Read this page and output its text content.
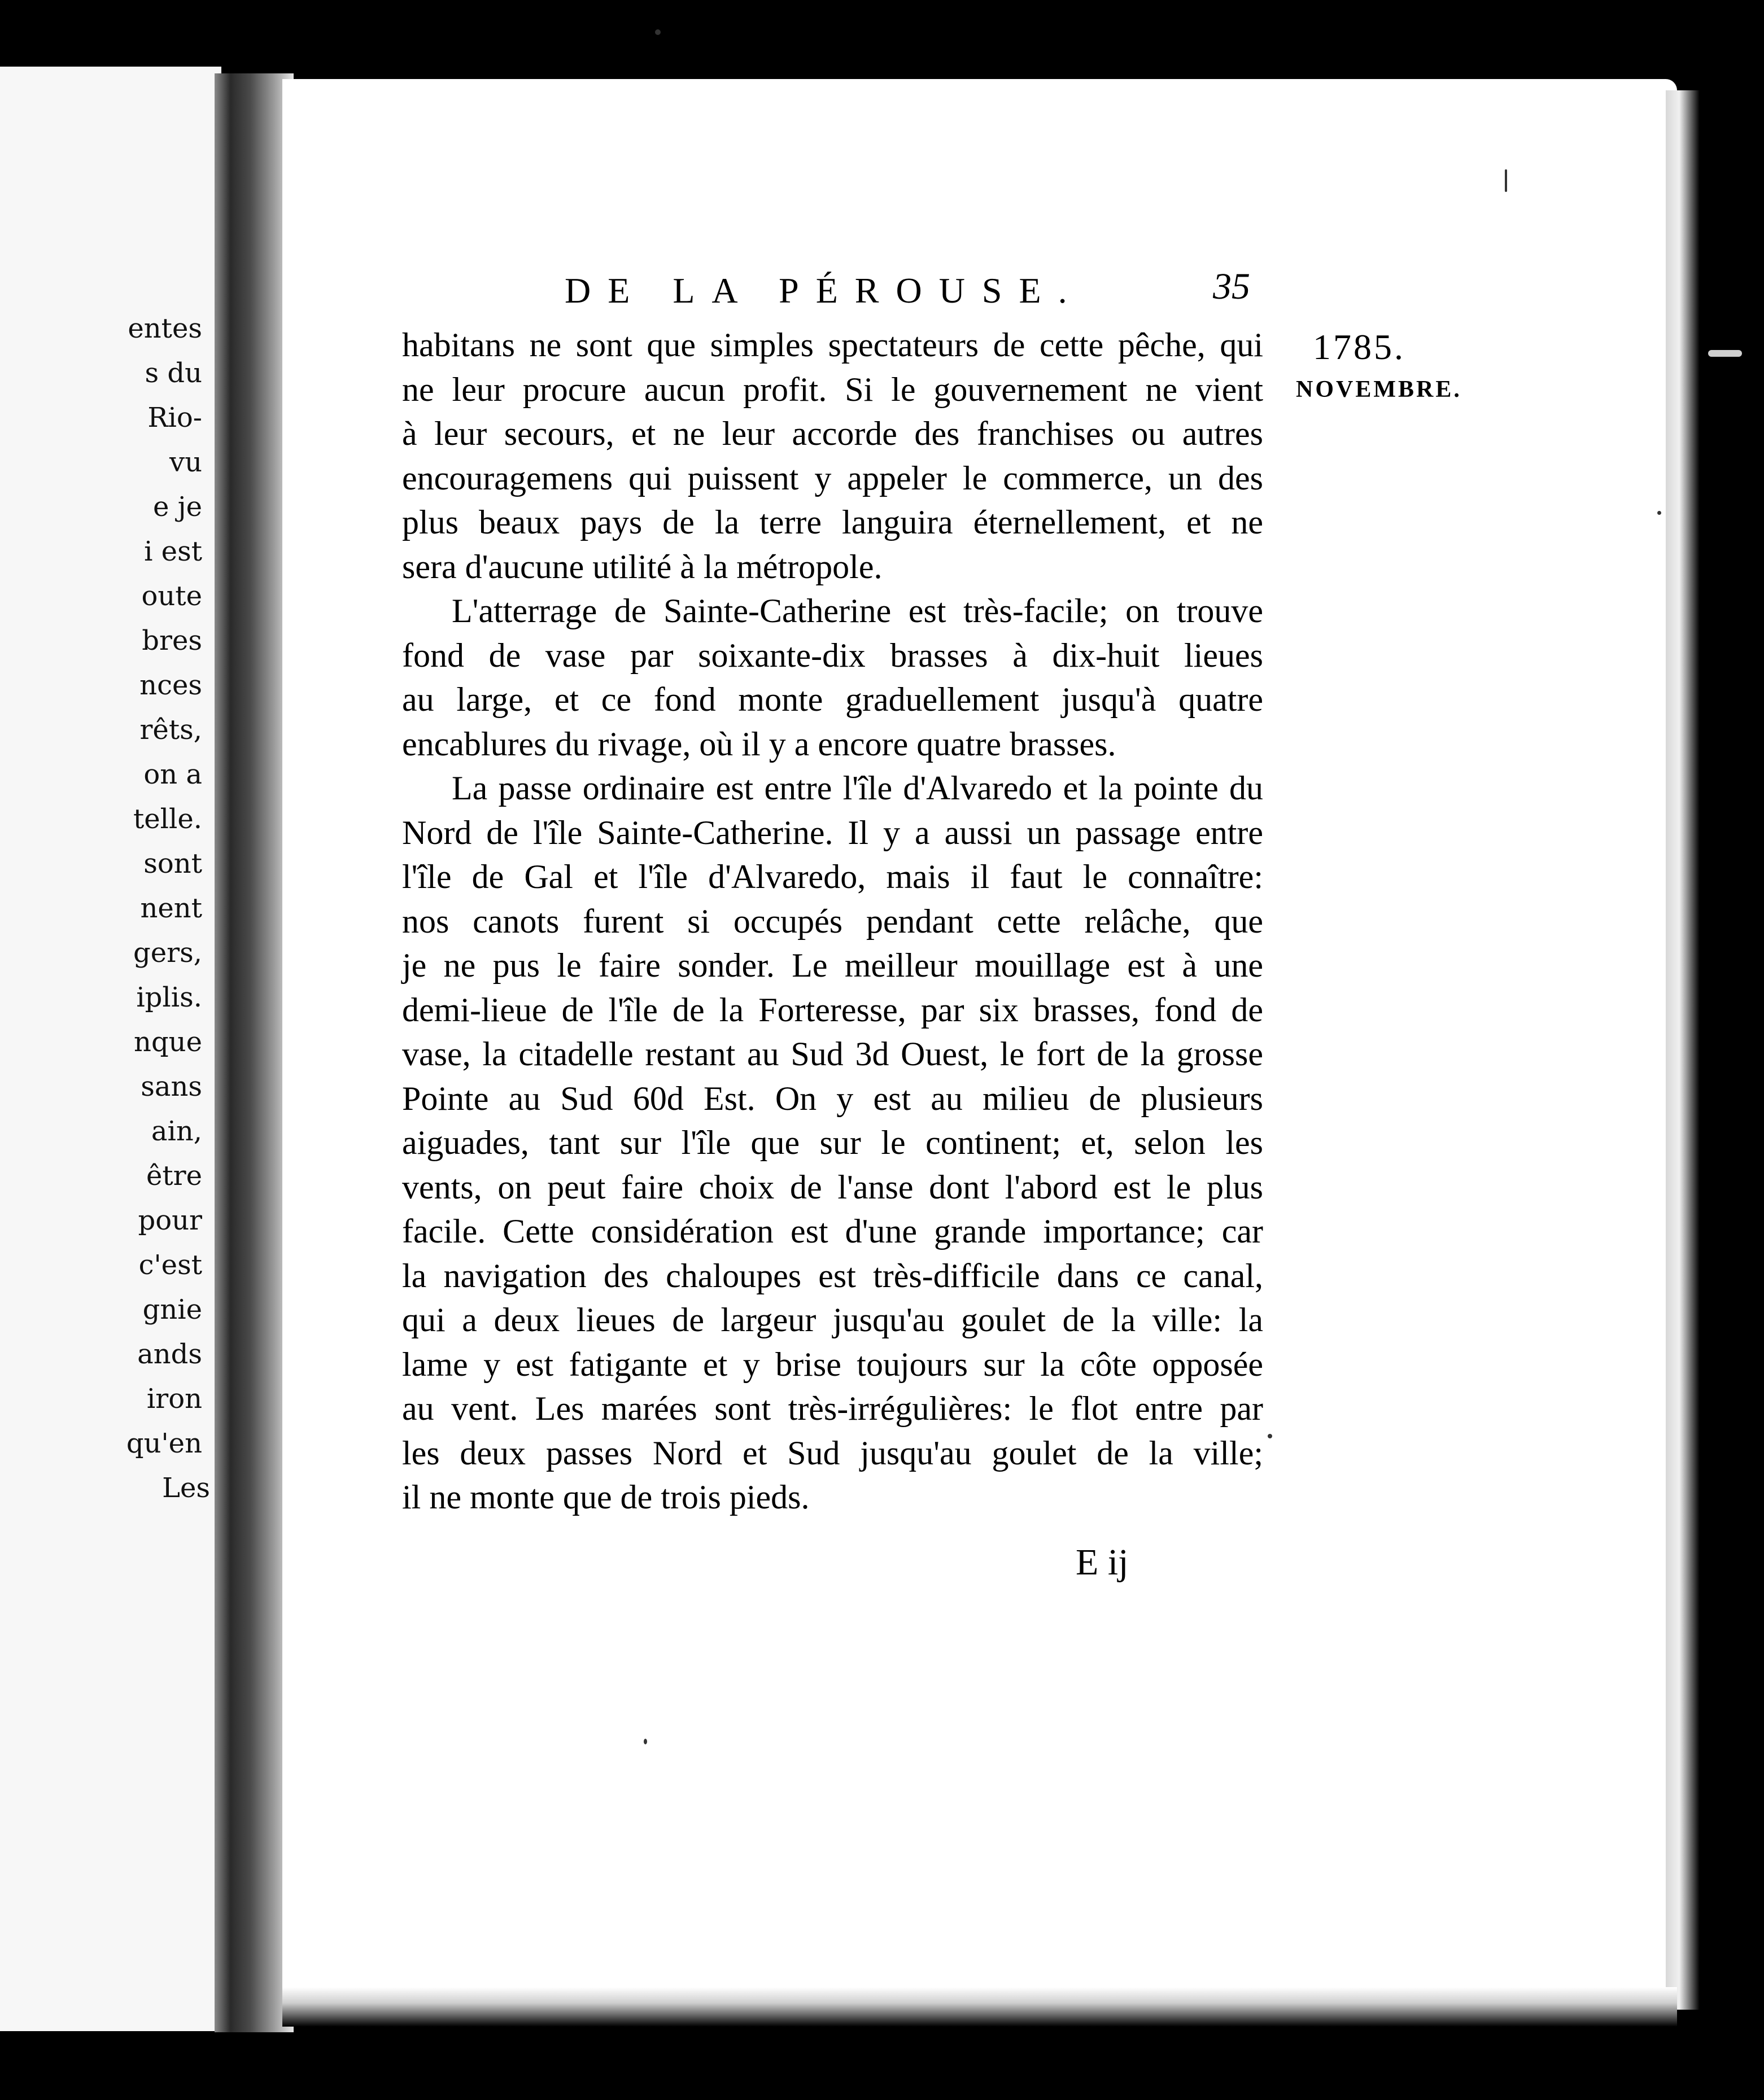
entes
s du
Rio-
vu
e je
i est
oute
bres
nces
rêts,
on a
telle.
sont
nent
gers,
iplis.
nque
sans
ain,
être
pour
c'est
gnie
ands
iron
qu'en
Les
DE LA PÉROUSE.	35
1785.
NOVEMBRE.
habitans ne sont que simples spectateurs de cette pêche, qui
ne leur procure aucun profit. Si le gouvernement ne vient
à leur secours, et ne leur accorde des franchises ou autres
encouragemens qui puissent y appeler le commerce, un des
plus beaux pays de la terre languira éternellement, et ne
sera d'aucune utilité à la métropole.
L'atterrage de Sainte-Catherine est très-facile; on trouve
fond de vase par soixante-dix brasses à dix-huit lieues
au large, et ce fond monte graduellement jusqu'à quatre
encablures du rivage, où il y a encore quatre brasses.
La passe ordinaire est entre l'île d'Alvaredo et la pointe du
Nord de l'île Sainte-Catherine. Il y a aussi un passage entre
l'île de Gal et l'île d'Alvaredo, mais il faut le connaître:
nos canots furent si occupés pendant cette relâche, que
je ne pus le faire sonder. Le meilleur mouillage est à une
demi-lieue de l'île de la Forteresse, par six brasses, fond de
vase, la citadelle restant au Sud 3d Ouest, le fort de la grosse
Pointe au Sud 60d Est. On y est au milieu de plusieurs
aiguades, tant sur l'île que sur le continent; et, selon les
vents, on peut faire choix de l'anse dont l'abord est le plus
facile. Cette considération est d'une grande importance; car
la navigation des chaloupes est très-difficile dans ce canal,
qui a deux lieues de largeur jusqu'au goulet de la ville: la
lame y est fatigante et y brise toujours sur la côte opposée
au vent. Les marées sont très-irrégulières: le flot entre par
les deux passes Nord et Sud jusqu'au goulet de la ville;
il ne monte que de trois pieds.
E ij
